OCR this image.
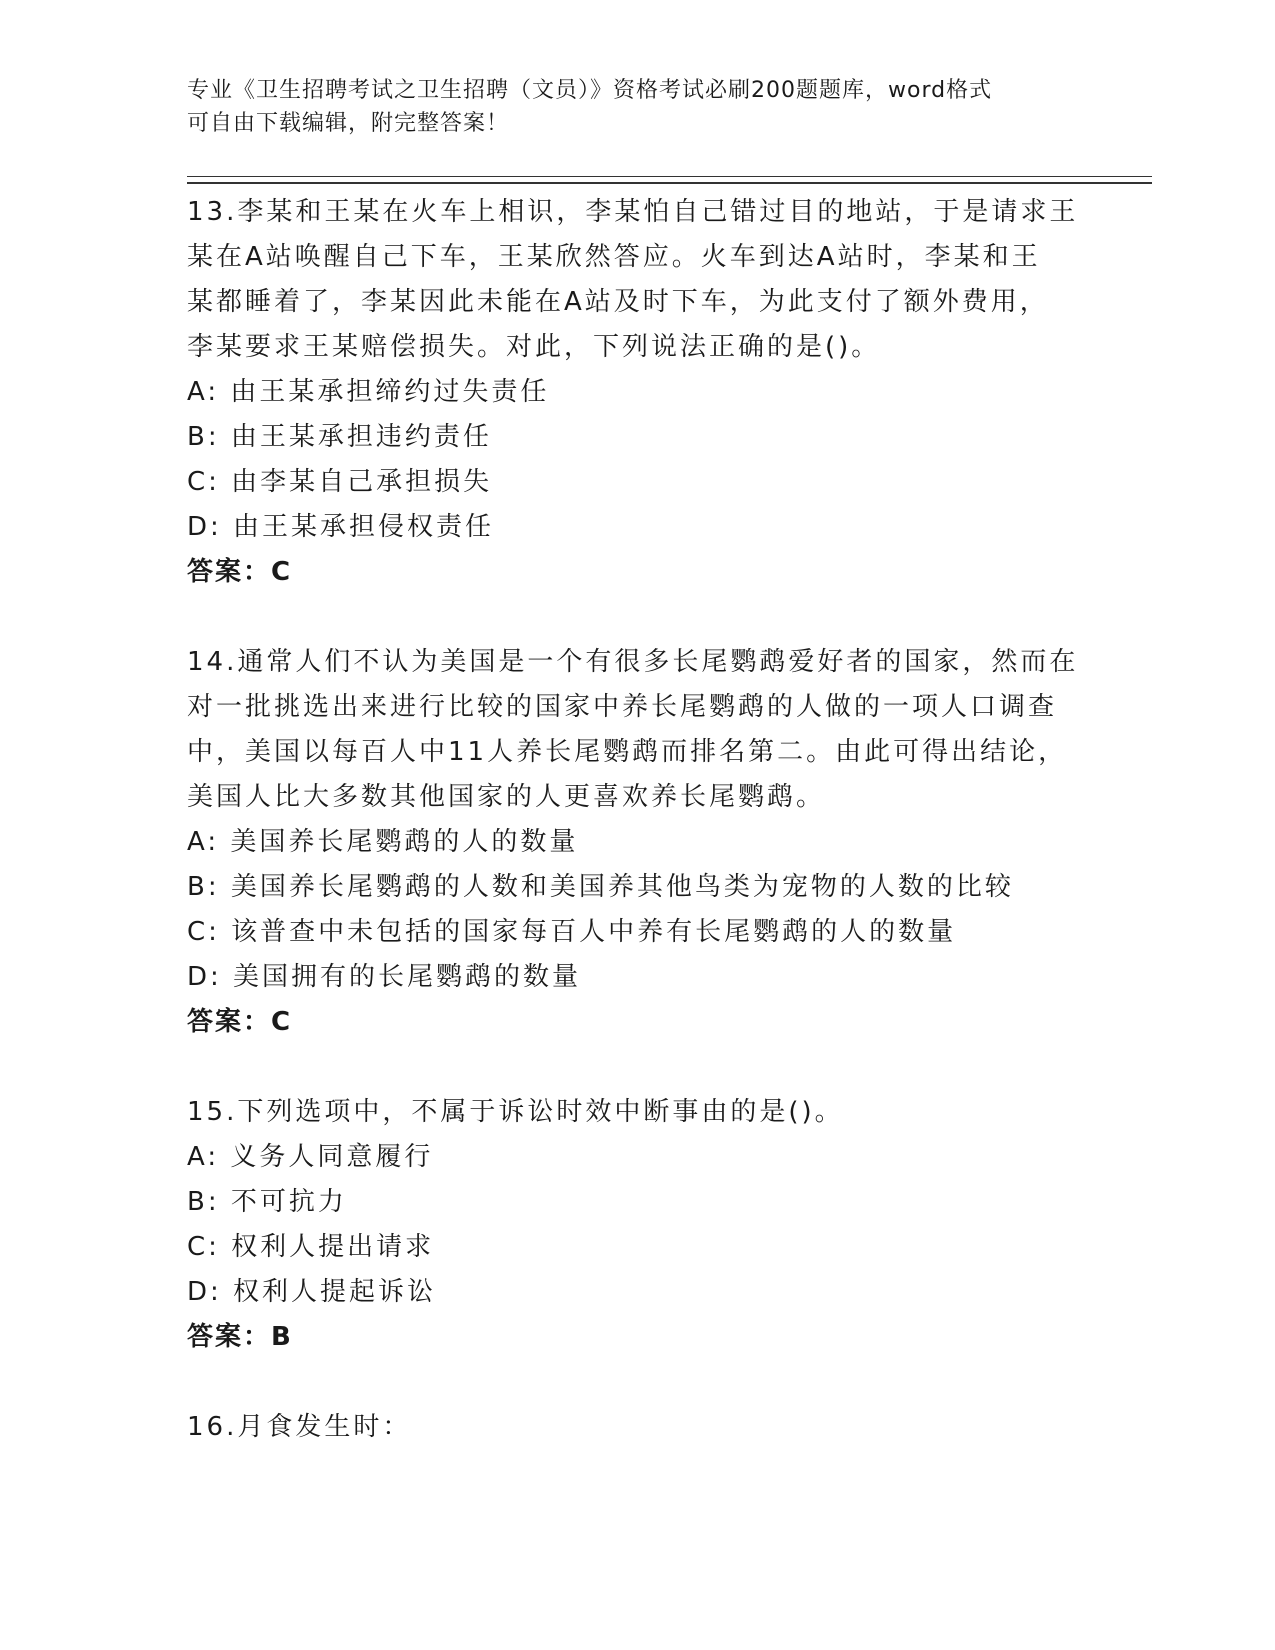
专业《卫生招聘考试之卫生招聘（文员）》资格考试必刷200题题库，word格式
可自由下载编辑，附完整答案！
13.李某和王某在火车上相识，李某怕自己错过目的地站，于是请求王
某在A站唤醒自己下车，王某欣然答应。火车到达A站时，李某和王
某都睡着了，李某因此未能在A站及时下车，为此支付了额外费用，
李某要求王某赔偿损失。对此，下列说法正确的是()。
A: 由王某承担缔约过失责任
B: 由王某承担违约责任
C: 由李某自己承担损失
D: 由王某承担侵权责任
答案：C
14.通常人们不认为美国是一个有很多长尾鹦鹉爱好者的国家，然而在
对一批挑选出来进行比较的国家中养长尾鹦鹉的人做的一项人口调查
中，美国以每百人中11人养长尾鹦鹉而排名第二。由此可得出结论，
美国人比大多数其他国家的人更喜欢养长尾鹦鹉。
A: 美国养长尾鹦鹉的人的数量
B: 美国养长尾鹦鹉的人数和美国养其他鸟类为宠物的人数的比较
C: 该普查中未包括的国家每百人中养有长尾鹦鹉的人的数量
D: 美国拥有的长尾鹦鹉的数量
答案：C
15.下列选项中，不属于诉讼时效中断事由的是()。
A: 义务人同意履行
B: 不可抗力
C: 权利人提出请求
D: 权利人提起诉讼
答案：B
16.月食发生时：
